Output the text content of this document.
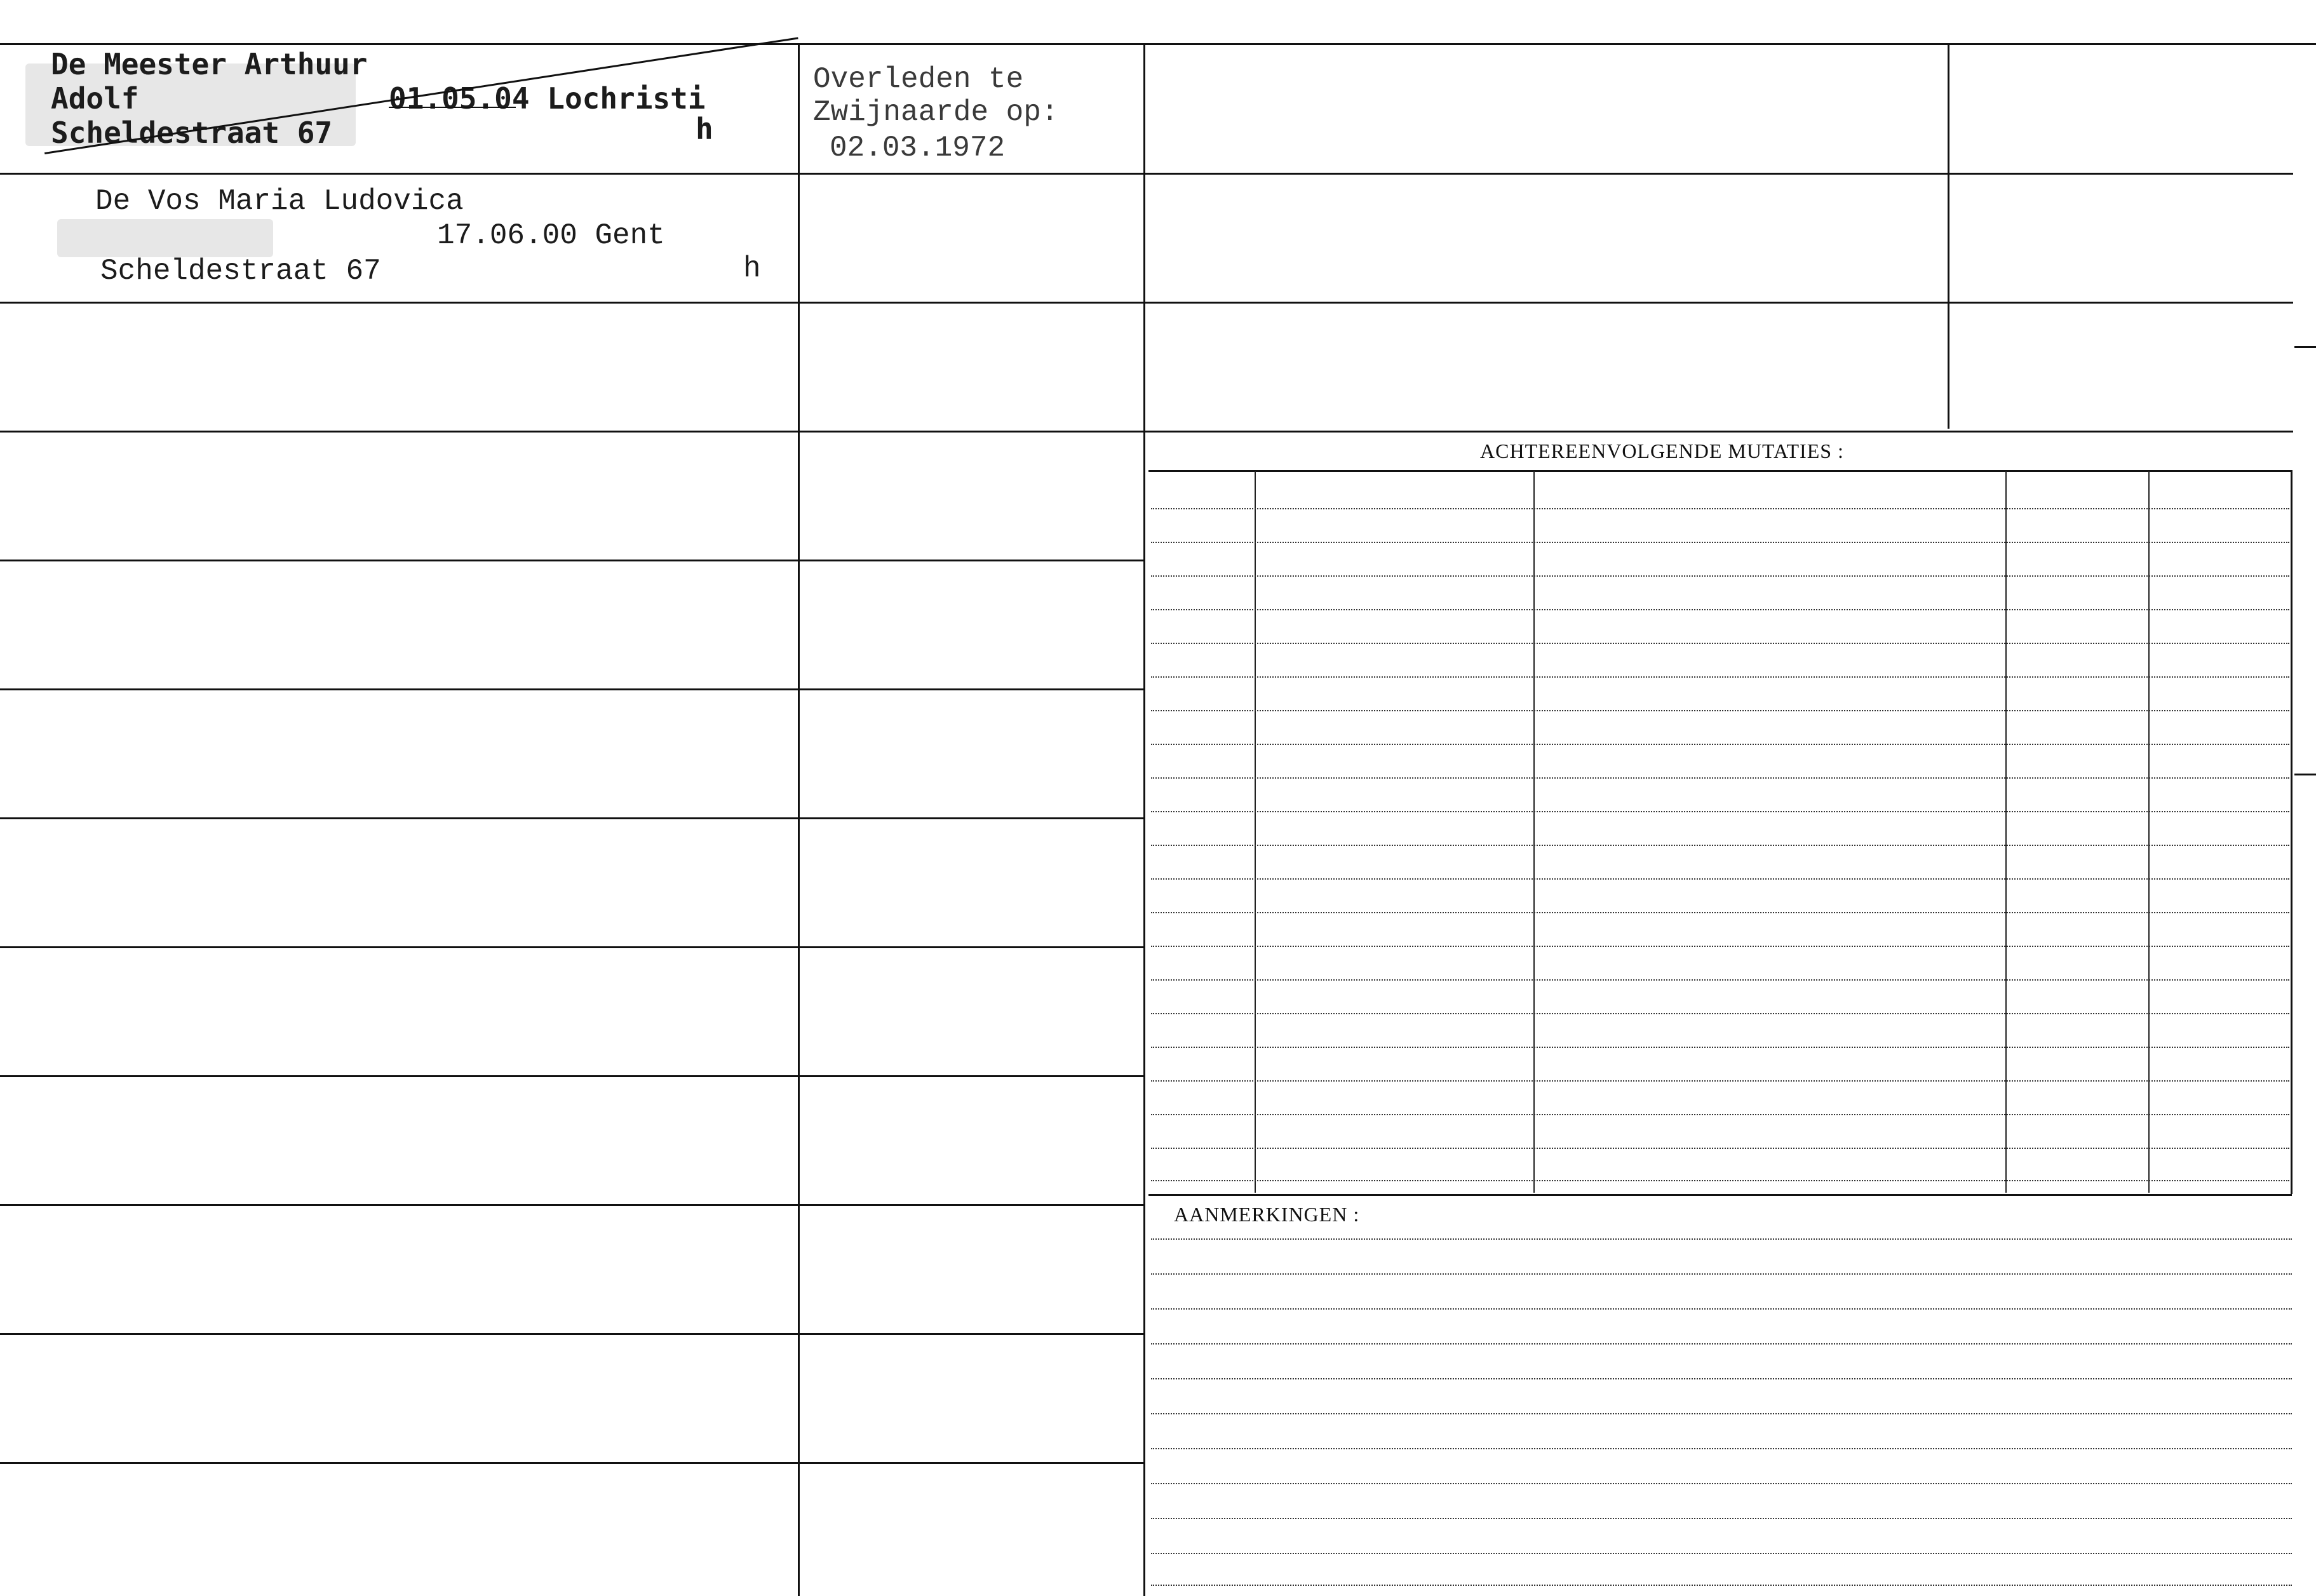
ACHTEREENVOLGENDE MUTATIES :
AANMERKINGEN :
De Meester Arthuur
Adolf	01.05.04 Lochristi
Scheldestraat 67	h
Overleden te
Zwijnaarde op:
02.03.1972
De Vos Maria Ludovica
17.06.00 Gent
Scheldestraat 67	h
